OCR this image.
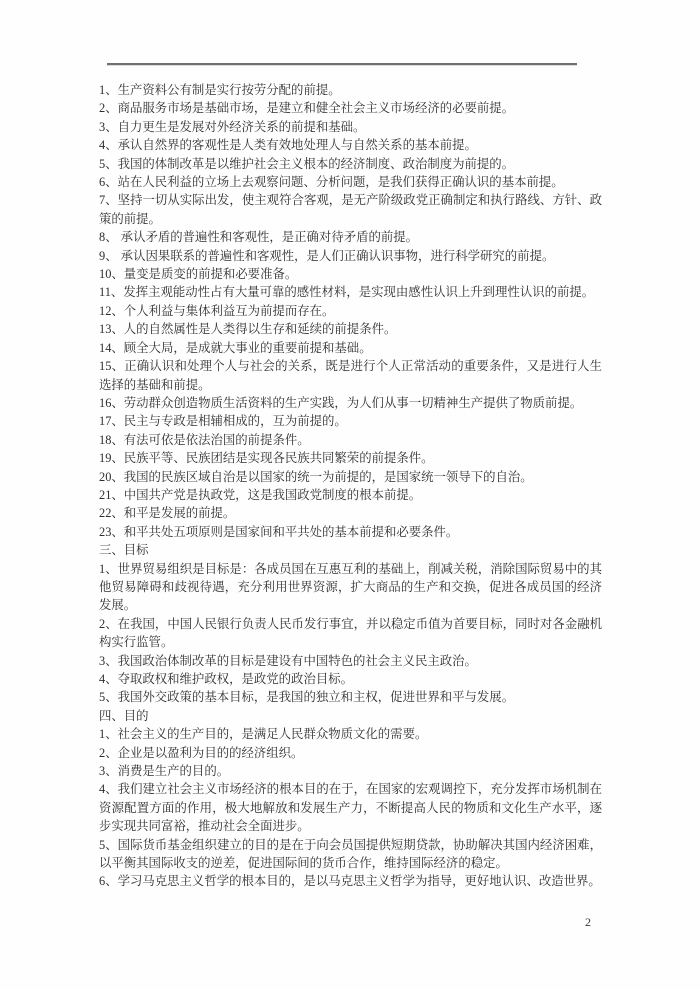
1、生产资料公有制是实行按劳分配的前提。
2、商品服务市场是基础市场，是建立和健全社会主义市场经济的必要前提。
3、自力更生是发展对外经济关系的前提和基础。
4、承认自然界的客观性是人类有效地处理人与自然关系的基本前提。
5、我国的体制改革是以维护社会主义根本的经济制度、政治制度为前提的。
6、站在人民利益的立场上去观察问题、分析问题，是我们获得正确认识的基本前提。
7、坚持一切从实际出发，使主观符合客观，是无产阶级政党正确制定和执行路线、方针、政策的前提。
8、 承认矛盾的普遍性和客观性，是正确对待矛盾的前提。
9、 承认因果联系的普遍性和客观性，是人们正确认识事物，进行科学研究的前提。
10、量变是质变的前提和必要准备。
11、发挥主观能动性占有大量可靠的感性材料，是实现由感性认识上升到理性认识的前提。
12、个人利益与集体利益互为前提而存在。
13、人的自然属性是人类得以生存和延续的前提条件。
14、顾全大局，是成就大事业的重要前提和基础。
15、正确认识和处理个人与社会的关系，既是进行个人正常活动的重要条件，又是进行人生选择的基础和前提。
16、劳动群众创造物质生活资料的生产实践，为人们从事一切精神生产提供了物质前提。
17、民主与专政是相辅相成的，互为前提的。
18、有法可依是依法治国的前提条件。
19、民族平等、民族团结是实现各民族共同繁荣的前提条件。
20、我国的民族区域自治是以国家的统一为前提的，是国家统一领导下的自治。
21、中国共产党是执政党，这是我国政党制度的根本前提。
22、和平是发展的前提。
23、和平共处五项原则是国家间和平共处的基本前提和必要条件。
三、目标
1、世界贸易组织是目标是：各成员国在互惠互利的基础上，削减关税，消除国际贸易中的其他贸易障碍和歧视待遇，充分利用世界资源，扩大商品的生产和交换，促进各成员国的经济发展。
2、在我国，中国人民银行负责人民币发行事宜，并以稳定币值为首要目标，同时对各金融机构实行监管。
3、我国政治体制改革的目标是建设有中国特色的社会主义民主政治。
4、夺取政权和维护政权，是政党的政治目标。
5、我国外交政策的基本目标，是我国的独立和主权，促进世界和平与发展。
四、目的
1、社会主义的生产目的，是满足人民群众物质文化的需要。
2、企业是以盈利为目的的经济组织。
3、消费是生产的目的。
4、我们建立社会主义市场经济的根本目的在于，在国家的宏观调控下，充分发挥市场机制在资源配置方面的作用，极大地解放和发展生产力，不断提高人民的物质和文化生产水平，逐步实现共同富裕，推动社会全面进步。
5、国际货币基金组织建立的目的是在于向会员国提供短期贷款，协助解决其国内经济困难，以平衡其国际收支的逆差，促进国际间的货币合作，维持国际经济的稳定。
6、学习马克思主义哲学的根本目的，是以马克思主义哲学为指导，更好地认识、改造世界。
2
